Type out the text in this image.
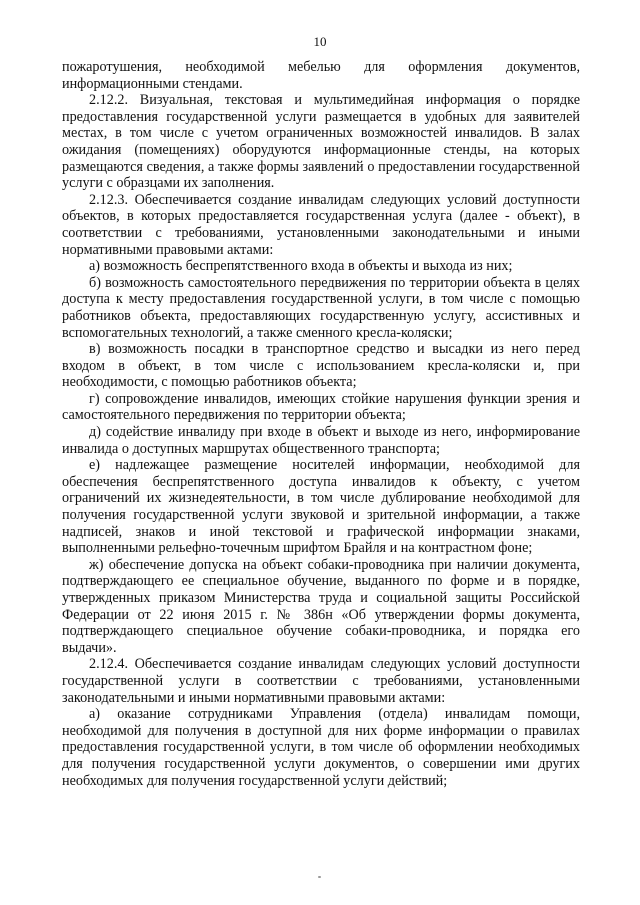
10

пожаротушения, необходимой мебелью для оформления документов, информационными стендами.

2.12.2. Визуальная, текстовая и мультимедийная информация о порядке предоставления государственной услуги размещается в удобных для заявителей местах, в том числе с учетом ограниченных возможностей инвалидов. В залах ожидания (помещениях) оборудуются информационные стенды, на которых размещаются сведения, а также формы заявлений о предоставлении государственной услуги с образцами их заполнения.

2.12.3. Обеспечивается создание инвалидам следующих условий доступности объектов, в которых предоставляется государственная услуга (далее - объект), в соответствии с требованиями, установленными законодательными и иными нормативными правовыми актами:

а) возможность беспрепятственного входа в объекты и выхода из них;

б) возможность самостоятельного передвижения по территории объекта в целях доступа к месту предоставления государственной услуги, в том числе с помощью работников объекта, предоставляющих государственную услугу, ассистивных и вспомогательных технологий, а также сменного кресла-коляски;

в) возможность посадки в транспортное средство и высадки из него перед входом в объект, в том числе с использованием кресла-коляски и, при необходимости, с помощью работников объекта;

г) сопровождение инвалидов, имеющих стойкие нарушения функции зрения и самостоятельного передвижения по территории объекта;

д) содействие инвалиду при входе в объект и выходе из него, информирование инвалида о доступных маршрутах общественного транспорта;

е) надлежащее размещение носителей информации, необходимой для обеспечения беспрепятственного доступа инвалидов к объекту, с учетом ограничений их жизнедеятельности, в том числе дублирование необходимой для получения государственной услуги звуковой и зрительной информации, а также надписей, знаков и иной текстовой и графической информации знаками, выполненными рельефно-точечным шрифтом Брайля и на контрастном фоне;

ж) обеспечение допуска на объект собаки-проводника при наличии документа, подтверждающего ее специальное обучение, выданного по форме и в порядке, утвержденных приказом Министерства труда и социальной защиты Российской Федерации от 22 июня 2015 г. № 386н «Об утверждении формы документа, подтверждающего специальное обучение собаки-проводника, и порядка его выдачи».

2.12.4. Обеспечивается создание инвалидам следующих условий доступности государственной услуги в соответствии с требованиями, установленными законодательными и иными нормативными правовыми актами:

а) оказание сотрудниками Управления (отдела) инвалидам помощи, необходимой для получения в доступной для них форме информации о правилах предоставления государственной услуги, в том числе об оформлении необходимых для получения государственной услуги документов, о совершении ими других необходимых для получения государственной услуги действий;
